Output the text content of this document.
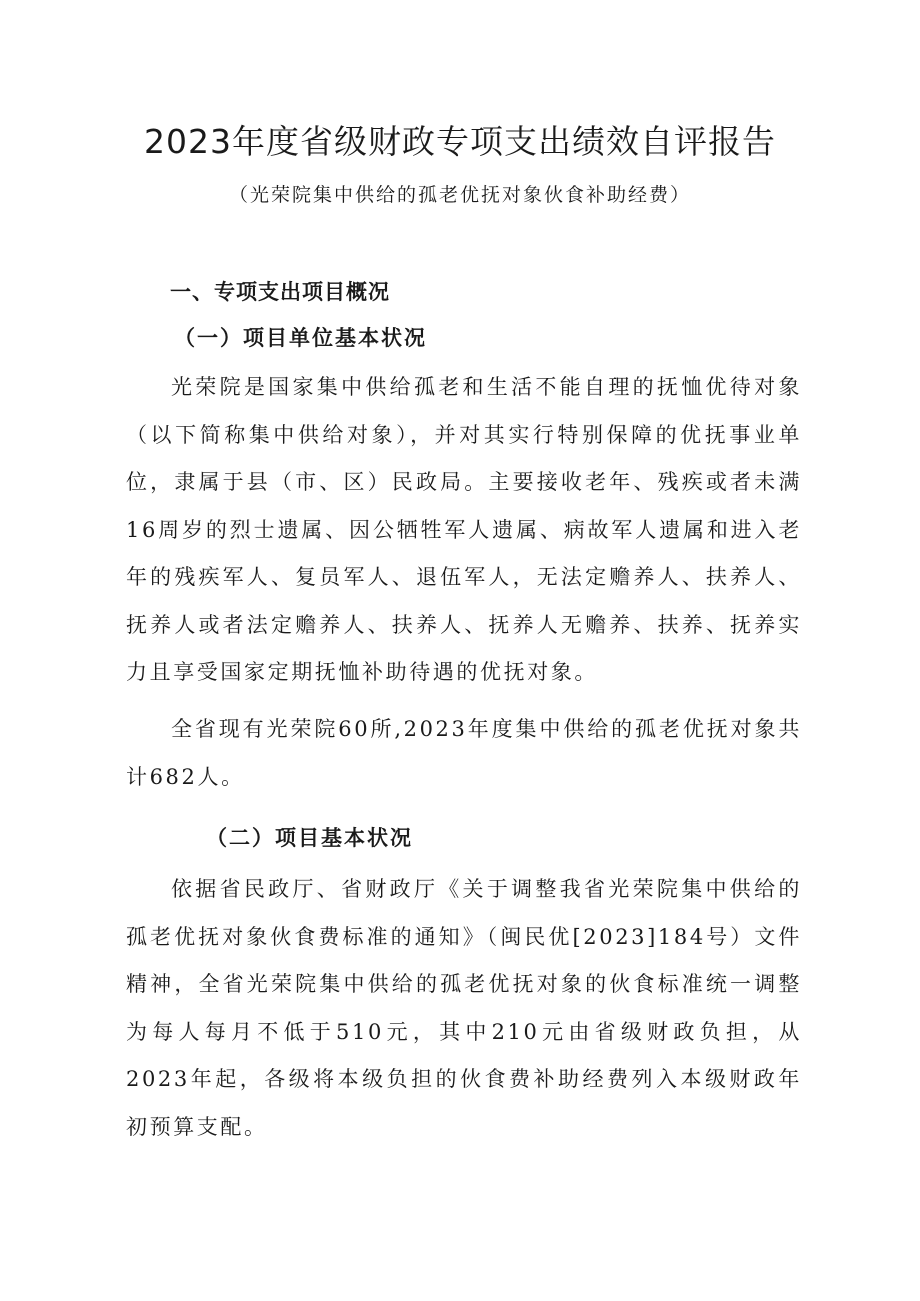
2023年度省级财政专项支出绩效自评报告

（光荣院集中供给的孤老优抚对象伙食补助经费）

一、专项支出项目概况
（一）项目单位基本状况

光荣院是国家集中供给孤老和生活不能自理的抚恤优待对象（以下简称集中供给对象），并对其实行特别保障的优抚事业单位，隶属于县（市、区）民政局。主要接收老年、残疾或者未满16周岁的烈士遗属、因公牺牲军人遗属、病故军人遗属和进入老年的残疾军人、复员军人、退伍军人，无法定赡养人、扶养人、抚养人或者法定赡养人、扶养人、抚养人无赡养、扶养、抚养实力且享受国家定期抚恤补助待遇的优抚对象。

全省现有光荣院60所,2023年度集中供给的孤老优抚对象共计682人。

（二）项目基本状况

依据省民政厅、省财政厅《关于调整我省光荣院集中供给的孤老优抚对象伙食费标准的通知》（闽民优[2023]184号）文件精神，全省光荣院集中供给的孤老优抚对象的伙食标准统一调整为每人每月不低于510元，其中210元由省级财政负担，从2023年起，各级将本级负担的伙食费补助经费列入本级财政年初预算支配。
